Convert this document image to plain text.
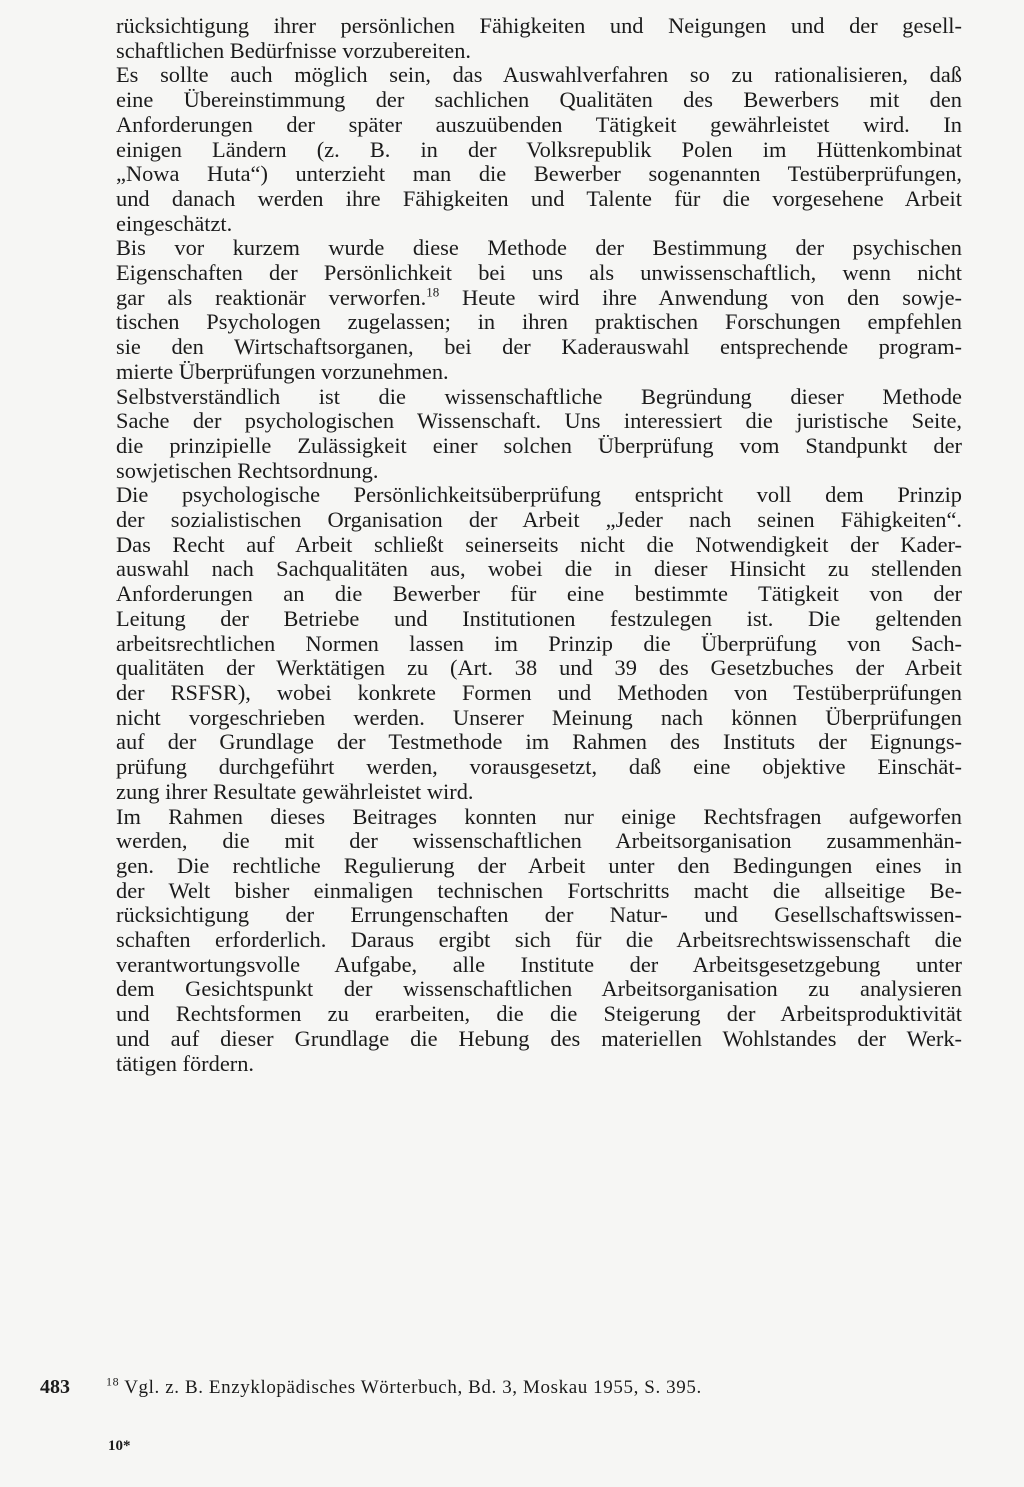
rücksichtigung ihrer persönlichen Fähigkeiten und Neigungen und der gesell-
schaftlichen Bedürfnisse vorzubereiten.

Es sollte auch möglich sein, das Auswahlverfahren so zu rationalisieren, daß
eine Übereinstimmung der sachlichen Qualitäten des Bewerbers mit den
Anforderungen der später auszuübenden Tätigkeit gewährleistet wird. In
einigen Ländern (z. B. in der Volksrepublik Polen im Hüttenkombinat
„Nowa Huta“) unterzieht man die Bewerber sogenannten Testüberprüfungen,
und danach werden ihre Fähigkeiten und Talente für die vorgesehene Arbeit
eingeschätzt.

Bis vor kurzem wurde diese Methode der Bestimmung der psychischen
Eigenschaften der Persönlichkeit bei uns als unwissenschaftlich, wenn nicht
gar als reaktionär verworfen.$^{18}$ Heute wird ihre Anwendung von den sowje-
tischen Psychologen zugelassen; in ihren praktischen Forschungen empfehlen
sie den Wirtschaftsorganen, bei der Kaderauswahl entsprechende program-
mierte Überprüfungen vorzunehmen.

Selbstverständlich ist die wissenschaftliche Begründung dieser Methode
Sache der psychologischen Wissenschaft. Uns interessiert die juristische Seite,
die prinzipielle Zulässigkeit einer solchen Überprüfung vom Standpunkt der
sowjetischen Rechtsordnung.

Die psychologische Persönlichkeitsüberprüfung entspricht voll dem Prinzip
der sozialistischen Organisation der Arbeit „Jeder nach seinen Fähigkeiten“.
Das Recht auf Arbeit schließt seinerseits nicht die Notwendigkeit der Kader-
auswahl nach Sachqualitäten aus, wobei die in dieser Hinsicht zu stellenden
Anforderungen an die Bewerber für eine bestimmte Tätigkeit von der
Leitung der Betriebe und Institutionen festzulegen ist. Die geltenden
arbeitsrechtlichen Normen lassen im Prinzip die Überprüfung von Sach-
qualitäten der Werktätigen zu (Art. 38 und 39 des Gesetzbuches der Arbeit
der RSFSR), wobei konkrete Formen und Methoden von Testüberprüfungen
nicht vorgeschrieben werden. Unserer Meinung nach können Überprüfungen
auf der Grundlage der Testmethode im Rahmen des Instituts der Eignungs-
prüfung durchgeführt werden, vorausgesetzt, daß eine objektive Einschät-
zung ihrer Resultate gewährleistet wird.

Im Rahmen dieses Beitrages konnten nur einige Rechtsfragen aufgeworfen
werden, die mit der wissenschaftlichen Arbeitsorganisation zusammenhän-
gen. Die rechtliche Regulierung der Arbeit unter den Bedingungen eines in
der Welt bisher einmaligen technischen Fortschritts macht die allseitige Be-
rücksichtigung der Errungenschaften der Natur- und Gesellschaftswissen-
schaften erforderlich. Daraus ergibt sich für die Arbeitsrechtswissenschaft die
verantwortungsvolle Aufgabe, alle Institute der Arbeitsgesetzgebung unter
dem Gesichtspunkt der wissenschaftlichen Arbeitsorganisation zu analysieren
und Rechtsformen zu erarbeiten, die die Steigerung der Arbeitsproduktivität
und auf dieser Grundlage die Hebung des materiellen Wohlstandes der Werk-
tätigen fördern.

483	$^{18}$ Vgl. z. B. Enzyklopädisches Wörterbuch, Bd. 3, Moskau 1955, S. 395.
10*
